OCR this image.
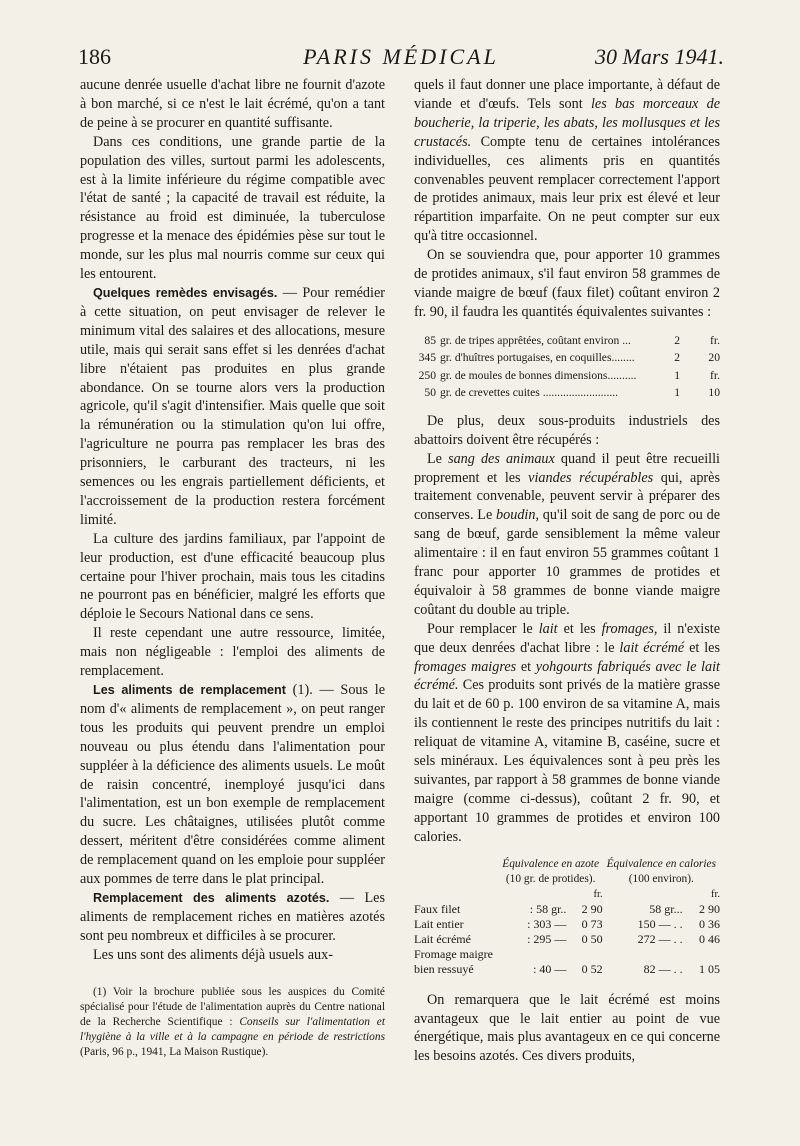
186	PARIS MÉDICAL	30 Mars 1941.

aucune denrée usuelle d'achat libre ne fournit d'azote à bon marché, si ce n'est le lait écrémé, qu'on a tant de peine à se procurer en quantité suffisante.

Dans ces conditions, une grande partie de la population des villes, surtout parmi les adolescents, est à la limite inférieure du régime compatible avec l'état de santé ; la capacité de travail est réduite, la résistance au froid est diminuée, la tuberculose progresse et la menace des épidémies pèse sur tout le monde, sur les plus mal nourris comme sur ceux qui les entourent.

Quelques remèdes envisagés. — Pour remédier à cette situation, on peut envisager de relever le minimum vital des salaires et des allocations, mesure utile, mais qui serait sans effet si les denrées d'achat libre n'étaient pas produites en plus grande abondance. On se tourne alors vers la production agricole, qu'il s'agit d'intensifier. Mais quelle que soit la rémunération ou la stimulation qu'on lui offre, l'agriculture ne pourra pas remplacer les bras des prisonniers, le carburant des tracteurs, ni les semences ou les engrais partiellement déficients, et l'accroissement de la production restera forcément limité.

La culture des jardins familiaux, par l'appoint de leur production, est d'une efficacité beaucoup plus certaine pour l'hiver prochain, mais tous les citadins ne pourront pas en bénéficier, malgré les efforts que déploie le Secours National dans ce sens.

Il reste cependant une autre ressource, limitée, mais non négligeable : l'emploi des aliments de remplacement.

Les aliments de remplacement (1). — Sous le nom d'« aliments de remplacement », on peut ranger tous les produits qui peuvent prendre un emploi nouveau ou plus étendu dans l'alimentation pour suppléer à la déficience des aliments usuels. Le moût de raisin concentré, inemployé jusqu'ici dans l'alimentation, est un bon exemple de remplacement du sucre. Les châtaignes, utilisées plutôt comme dessert, méritent d'être considérées comme aliment de remplacement quand on les emploie pour suppléer aux pommes de terre dans le plat principal.

Remplacement des aliments azotés. — Les aliments de remplacement riches en matières azotés sont peu nombreux et difficiles à se procurer.

Les uns sont des aliments déjà usuels aux-

(1) Voir la brochure publiée sous les auspices du Comité spécialisé pour l'étude de l'alimentation auprès du Centre national de la Recherche Scientifique : Conseils sur l'alimentation et l'hygiène à la ville et à la campagne en période de restrictions (Paris, 96 p., 1941, La Maison Rustique).

quels il faut donner une place importante, à défaut de viande et d'œufs. Tels sont les bas morceaux de boucherie, la triperie, les abats, les mollusques et les crustacés. Compte tenu de certaines intolérances individuelles, ces aliments pris en quantités convenables peuvent remplacer correctement l'apport de protides animaux, mais leur prix est élevé et leur répartition imparfaite. On ne peut compter sur eux qu'à titre occasionnel.

On se souviendra que, pour apporter 10 grammes de protides animaux, s'il faut environ 58 grammes de viande maigre de bœuf (faux filet) coûtant environ 2 fr. 90, il faudra les quantités équivalentes suivantes :

85	gr. de tripes apprêtées, coûtant environ ...	2	fr.
345	gr. d'huîtres portugaises, en coquilles........	2	20
250	gr. de moules de bonnes dimensions..........	1	fr.
50	gr. de crevettes cuites ..........................	1	10

De plus, deux sous-produits industriels des abattoirs doivent être récupérés :

Le sang des animaux quand il peut être recueilli proprement et les viandes récupérables qui, après traitement convenable, peuvent servir à préparer des conserves. Le boudin, qu'il soit de sang de porc ou de sang de bœuf, garde sensiblement la même valeur alimentaire : il en faut environ 55 grammes coûtant 1 franc pour apporter 10 grammes de protides et équivaloir à 58 grammes de bonne viande maigre coûtant du double au triple.

Pour remplacer le lait et les fromages, il n'existe que deux denrées d'achat libre : le lait écrémé et les fromages maigres et yohgourts fabriqués avec le lait écrémé. Ces produits sont privés de la matière grasse du lait et de 60 p. 100 environ de sa vitamine A, mais ils contiennent le reste des principes nutritifs du lait : reliquat de vitamine A, vitamine B, caséine, sucre et sels minéraux. Les équivalences sont à peu près les suivantes, par rapport à 58 grammes de bonne viande maigre (comme ci-dessus), coûtant 2 fr. 90, et apportant 10 grammes de protides et environ 100 calories.

	Équivalence en azote		Équivalence en calories	
	(10 gr. de protides).		(100 environ).	
		fr.		fr.
Faux filet	: 58 gr..	2 90	58 gr...	2 90
Lait entier	: 303 —	0 73	150 — . .	0 36
Lait écrémé	: 295 —	0 50	272 — . .	0 46
Fromage maigre				
bien ressuyé	: 40 —	0 52	82 — . .	1 05

On remarquera que le lait écrémé est moins avantageux que le lait entier au point de vue énergétique, mais plus avantageux en ce qui concerne les besoins azotés. Ces divers produits,
